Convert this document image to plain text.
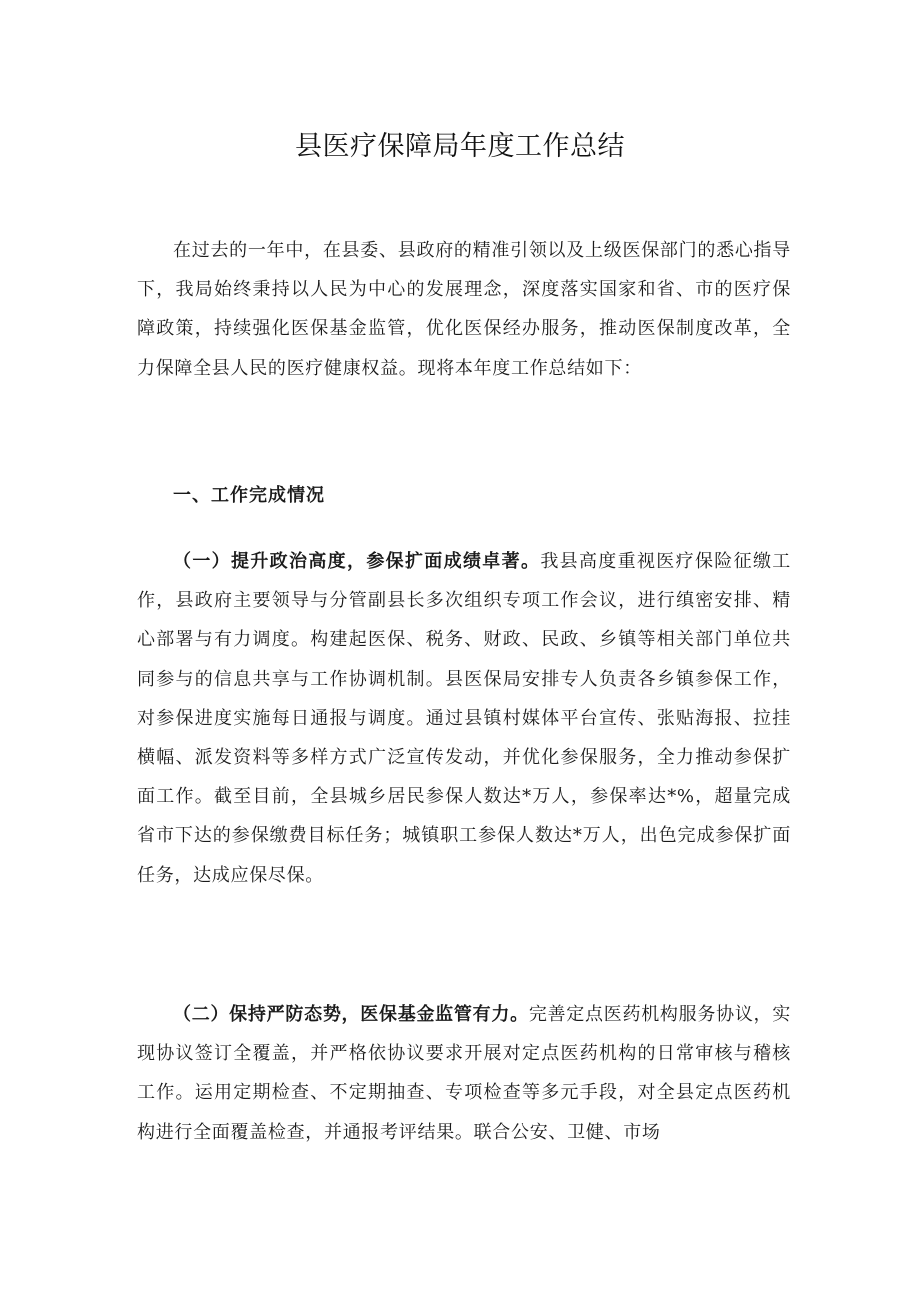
县医疗保障局年度工作总结

在过去的一年中，在县委、县政府的精准引领以及上级医保部门的悉心指导下，我局始终秉持以人民为中心的发展理念，深度落实国家和省、市的医疗保障政策，持续强化医保基金监管，优化医保经办服务，推动医保制度改革，全力保障全县人民的医疗健康权益。现将本年度工作总结如下：

一、工作完成情况

（一）提升政治高度，参保扩面成绩卓著。我县高度重视医疗保险征缴工作，县政府主要领导与分管副县长多次组织专项工作会议，进行缜密安排、精心部署与有力调度。构建起医保、税务、财政、民政、乡镇等相关部门单位共同参与的信息共享与工作协调机制。县医保局安排专人负责各乡镇参保工作，对参保进度实施每日通报与调度。通过县镇村媒体平台宣传、张贴海报、拉挂横幅、派发资料等多样方式广泛宣传发动，并优化参保服务，全力推动参保扩面工作。截至目前，全县城乡居民参保人数达*万人，参保率达*%，超量完成省市下达的参保缴费目标任务；城镇职工参保人数达*万人，出色完成参保扩面任务，达成应保尽保。

（二）保持严防态势，医保基金监管有力。完善定点医药机构服务协议，实现协议签订全覆盖，并严格依协议要求开展对定点医药机构的日常审核与稽核工作。运用定期检查、不定期抽查、专项检查等多元手段，对全县定点医药机构进行全面覆盖检查，并通报考评结果。联合公安、卫健、市场
